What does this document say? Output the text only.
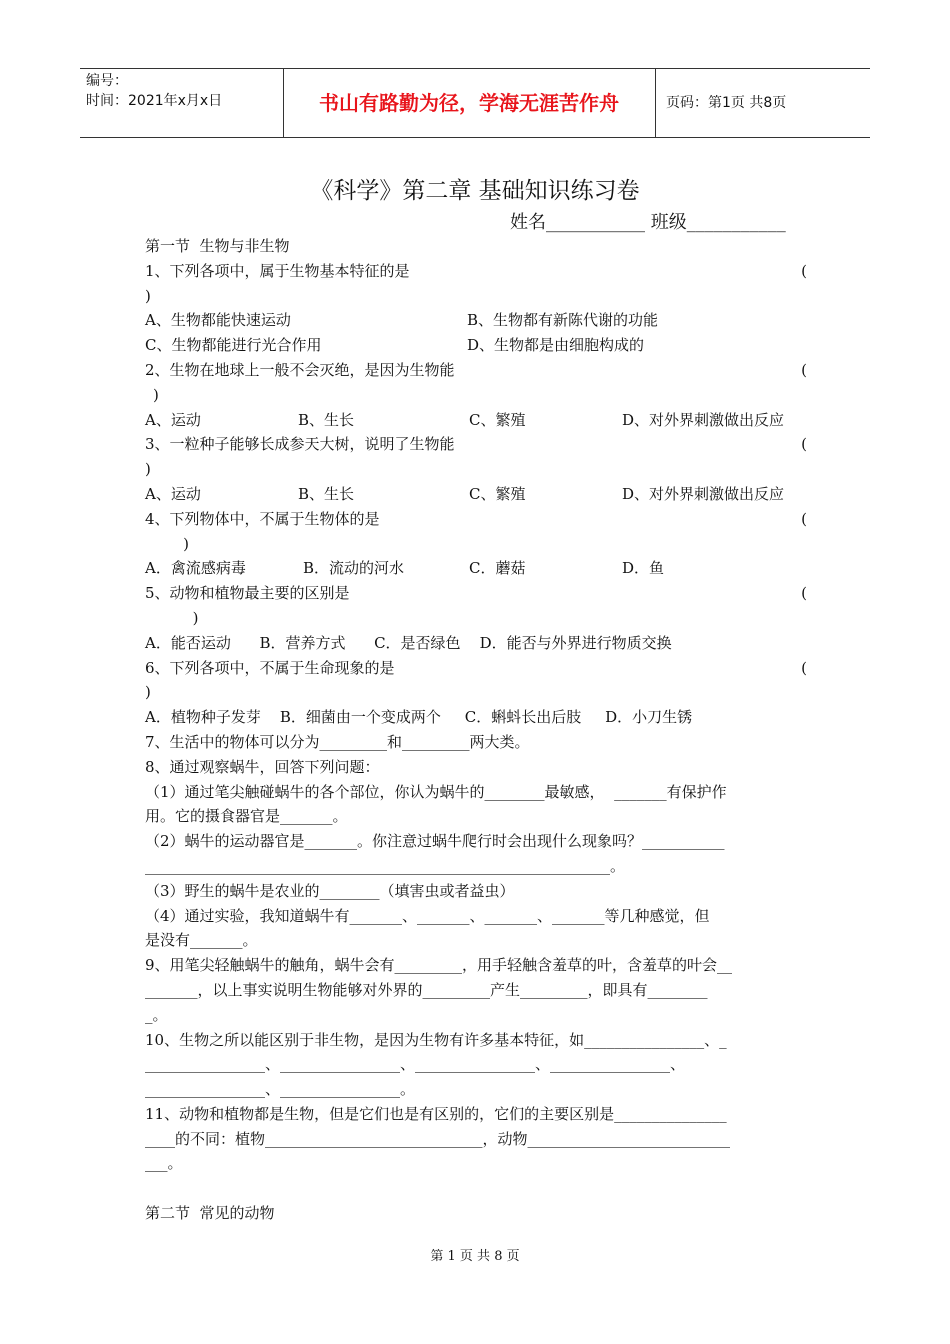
编号：
时间：2021年x月x日	书山有路勤为径，学海无涯苦作舟	页码：第1页 共8页
《科学》第二章 基础知识练习卷
姓名___________ 班级___________
第一节  生物与非生物
1、下列各项中，属于生物基本特征的是	(
)
A、生物都能快速运动	B、生物都有新陈代谢的功能
C、生物都能进行光合作用	D、生物都是由细胞构成的
2、生物在地球上一般不会灭绝，是因为生物能	(
)
A、运动	B、生长	C、繁殖	D、对外界刺激做出反应
3、一粒种子能够长成参天大树，说明了生物能	(
)
A、运动	B、生长	C、繁殖	D、对外界刺激做出反应
4、下列物体中，不属于生物体的是	(
)
A．禽流感病毒	B．流动的河水	C．蘑菇	D．鱼
5、动物和植物最主要的区别是	(
)
A．能否运动      B．营养方式      C．是否绿色    D．能否与外界进行物质交换
6、下列各项中，不属于生命现象的是	(
)
A．植物种子发芽    B．细菌由一个变成两个     C．蝌蚪长出后肢     D．小刀生锈
7、生活中的物体可以分为_________和_________两大类。
8、通过观察蜗牛，回答下列问题：
（1）通过笔尖触碰蜗牛的各个部位，你认为蜗牛的________最敏感，  _______有保护作
用。它的摄食器官是_______。
（2）蜗牛的运动器官是_______。你注意过蜗牛爬行时会出现什么现象吗？___________
______________________________________________________________。
（3）野生的蜗牛是农业的________（填害虫或者益虫）
（4）通过实验，我知道蜗牛有_______、_______、_______、_______等几种感觉，但
是没有_______。
9、用笔尖轻触蜗牛的触角，蜗牛会有_________，用手轻触含羞草的叶，含羞草的叶会__
_______，以上事实说明生物能够对外界的_________产生_________，即具有________
_。
10、生物之所以能区别于非生物，是因为生物有许多基本特征，如________________、_
________________、________________、________________、________________、
________________、________________。
11、动物和植物都是生物，但是它们也是有区别的，它们的主要区别是_______________
____的不同：植物_____________________________，动物___________________________
___。
第二节  常见的动物
第 1 页 共 8 页
